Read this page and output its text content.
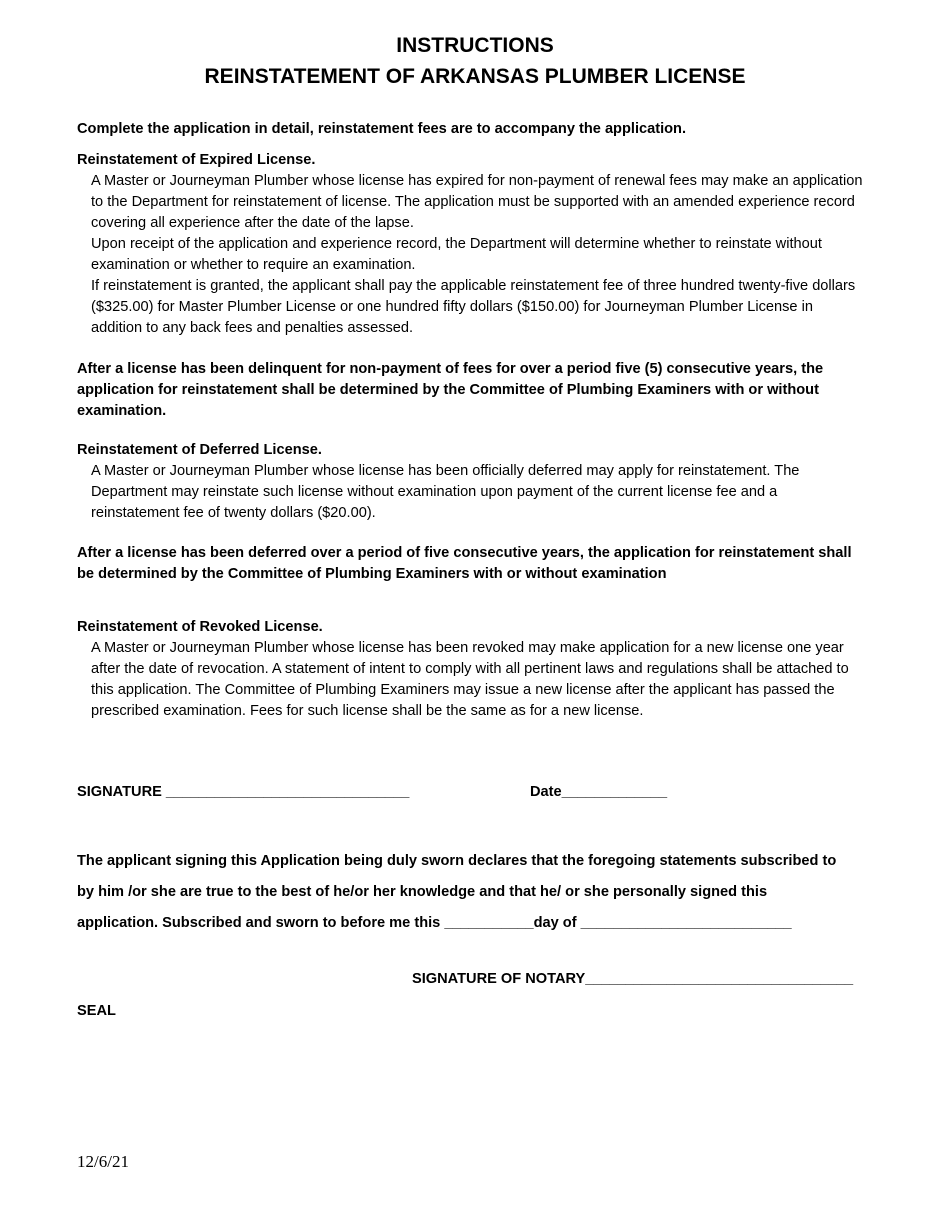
INSTRUCTIONS
REINSTATEMENT OF ARKANSAS PLUMBER LICENSE
Complete the application in detail, reinstatement fees are to accompany the application.
Reinstatement of Expired License.
A Master or Journeyman Plumber whose license has expired for non-payment of renewal fees may make an application to the Department for reinstatement of license. The application must be supported with an amended experience record covering all experience after the date of the lapse.
Upon receipt of the application and experience record, the Department will determine whether to reinstate without examination or whether to require an examination.
If reinstatement is granted, the applicant shall pay the applicable reinstatement fee of three hundred twenty-five dollars ($325.00) for Master Plumber License or one hundred fifty dollars ($150.00) for Journeyman Plumber License in addition to any back fees and penalties assessed.
After a license has been delinquent for non-payment of fees for over a period five (5) consecutive years, the application for reinstatement shall be determined by the Committee of Plumbing Examiners with or without examination.
Reinstatement of Deferred License.
A Master or Journeyman Plumber whose license has been officially deferred may apply for reinstatement. The Department may reinstate such license without examination upon payment of the current license fee and a reinstatement fee of twenty dollars ($20.00).
After a license has been deferred over a period of five consecutive years, the application for reinstatement shall be determined by the Committee of Plumbing Examiners with or without examination
Reinstatement of Revoked License.
A Master or Journeyman Plumber whose license has been revoked may make application for a new license one year after the date of revocation. A statement of intent to comply with all pertinent laws and regulations shall be attached to this application. The Committee of Plumbing Examiners may issue a new license after the applicant has passed the prescribed examination. Fees for such license shall be the same as for a new license.
SIGNATURE ______________________________	Date_____________
The applicant signing this Application being duly sworn declares that the foregoing statements subscribed to
by him /or she are true to the best of he/or her knowledge and that he/ or she personally signed this
application. Subscribed and sworn to before me this ___________day of __________________________
SIGNATURE OF NOTARY_________________________________
SEAL
12/6/21
